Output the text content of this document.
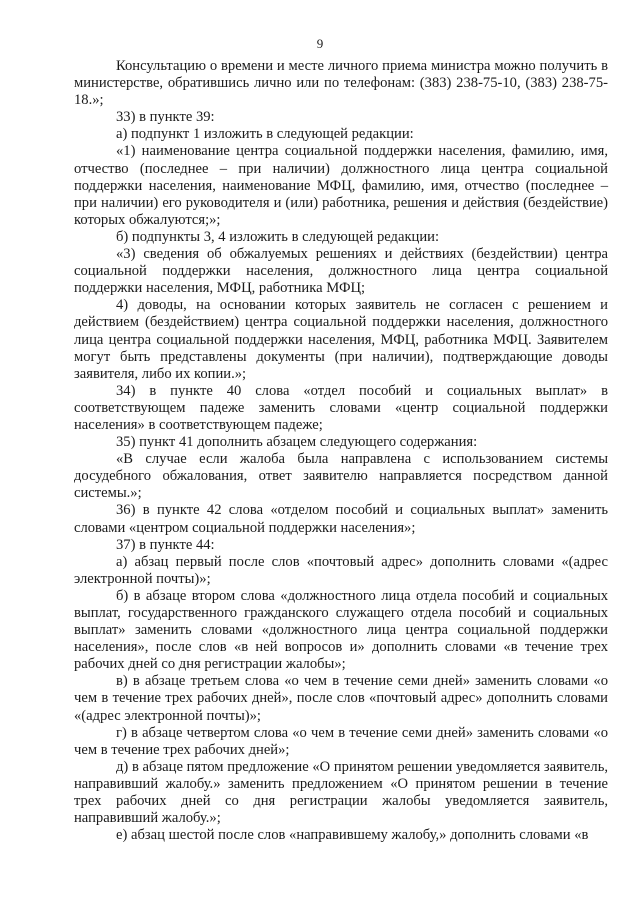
9

Консультацию о времени и месте личного приема министра можно получить в министерстве, обратившись лично или по телефонам: (383) 238-75-10, (383) 238-75-18.»;

33) в пункте 39:

а) подпункт 1 изложить в следующей редакции:

«1) наименование центра социальной поддержки населения, фамилию, имя, отчество (последнее – при наличии) должностного лица центра социальной поддержки населения, наименование МФЦ, фамилию, имя, отчество (последнее – при наличии) его руководителя и (или) работника, решения и действия (бездействие) которых обжалуются;»;

б) подпункты 3, 4 изложить в следующей редакции:

«3) сведения об обжалуемых решениях и действиях (бездействии) центра социальной поддержки населения, должностного лица центра социальной поддержки населения, МФЦ, работника МФЦ;

4) доводы, на основании которых заявитель не согласен с решением и действием (бездействием) центра социальной поддержки населения, должностного лица центра социальной поддержки населения, МФЦ, работника МФЦ. Заявителем могут быть представлены документы (при наличии), подтверждающие доводы заявителя, либо их копии.»;

34) в пункте 40 слова «отдел пособий и социальных выплат» в соответствующем падеже заменить словами «центр социальной поддержки населения» в соответствующем падеже;

35) пункт 41 дополнить абзацем следующего содержания:

«В случае если жалоба была направлена с использованием системы досудебного обжалования, ответ заявителю направляется посредством данной системы.»;

36) в пункте 42 слова «отделом пособий и социальных выплат» заменить словами «центром социальной поддержки населения»;

37) в пункте 44:

а) абзац первый после слов «почтовый адрес» дополнить словами «(адрес электронной почты)»;

б) в абзаце втором слова «должностного лица отдела пособий и социальных выплат, государственного гражданского служащего отдела пособий и социальных выплат» заменить словами «должностного лица центра социальной поддержки населения», после слов «в ней вопросов и» дополнить словами «в течение трех рабочих дней со дня регистрации жалобы»;

в) в абзаце третьем слова «о чем в течение семи дней» заменить словами «о чем в течение трех рабочих дней», после слов «почтовый адрес» дополнить словами «(адрес электронной почты)»;

г) в абзаце четвертом слова «о чем в течение семи дней» заменить словами «о чем в течение трех рабочих дней»;

д) в абзаце пятом предложение «О принятом решении уведомляется заявитель, направивший жалобу.» заменить предложением «О принятом решении в течение трех рабочих дней со дня регистрации жалобы уведомляется заявитель, направивший жалобу.»;

е) абзац шестой после слов «направившему жалобу,» дополнить словами «в
